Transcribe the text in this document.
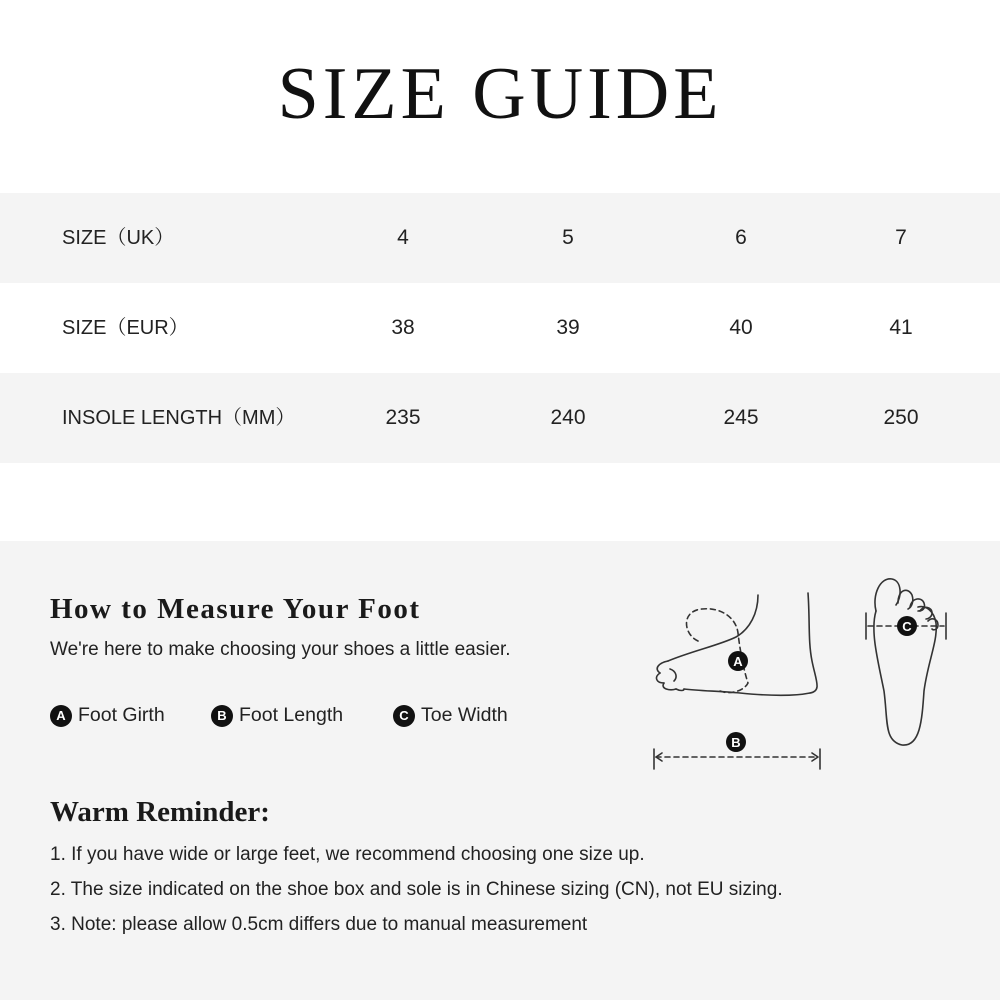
SIZE GUIDE
SIZE（UK）	4	5	6	7
SIZE（EUR）	38	39	40	41
INSOLE LENGTH（MM）	235	240	245	250
How to Measure Your Foot

We're here to make choosing your shoes a little easier.

A Foot Girth	B Foot Length	C Toe Width
A
B
C
Warm Reminder:
1. If you have wide or large feet, we recommend choosing one size up.
2. The size indicated on the shoe box and sole is in Chinese sizing (CN), not EU sizing.
3. Note: please allow 0.5cm differs due to manual measurement
